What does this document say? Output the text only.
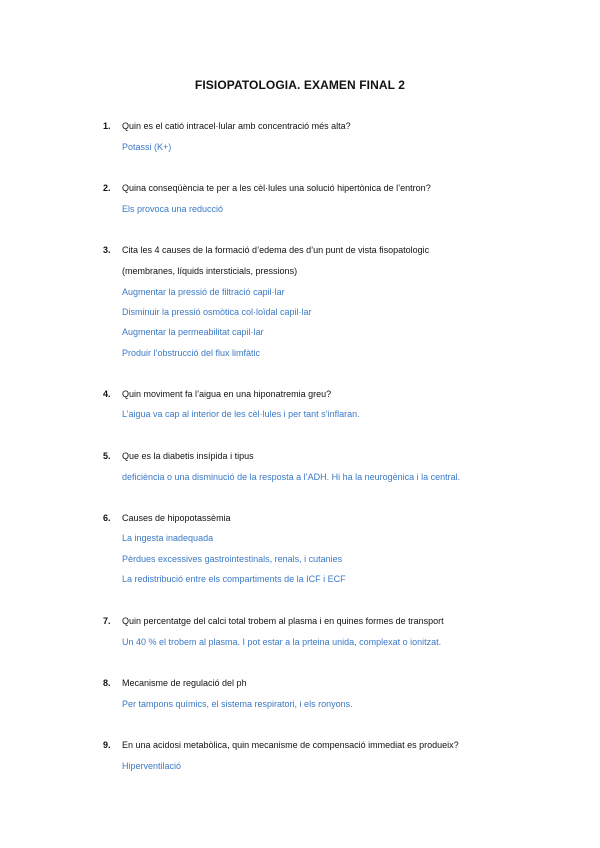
FISIOPATOLOGIA. EXAMEN FINAL 2
1. Quin es el catió intracel·lular amb concentració més alta?
Potassi (K+)
2. Quina conseqüència te per a les cèl·lules una solució hipertònica de l’entron?
Els provoca una reducció
3. Cita les 4 causes de la formació d’edema des d’un punt de vista fisopatologic
(membranes, líquids intersticials, pressions)
Augmentar la pressió de filtració capil·lar
Disminuir la pressió osmòtica col·loïdal capil·lar
Augmentar la permeabilitat capil·lar
Produir l’obstrucció del flux limfàtic
4. Quin moviment fa l’aigua en una hiponatremia greu?
L’aigua va cap al interior de les cèl·lules i per tant s’inflaran.
5. Que es la diabetis insípida i tipus
deficiència o una disminució de la resposta a l’ADH. Hi ha la neurogènica i la central.
6. Causes de hipopotassèmia
La ingesta inadequada
Pèrdues excessives gastrointestinals, renals, i cutanies
La redistribució entre els compartiments de la ICF i ECF
7. Quin percentatge del calci total trobem al plasma i en quines formes de transport
Un 40 % el trobem al plasma. I pot estar a la prteina unida, complexat o ionitzat.
8. Mecanisme de regulació del ph
Per tampons químics, el sistema respiratori, i els ronyons.
9. En una acidosi metabòlica, quin mecanisme de compensació immediat es produeix?
Hiperventilació
